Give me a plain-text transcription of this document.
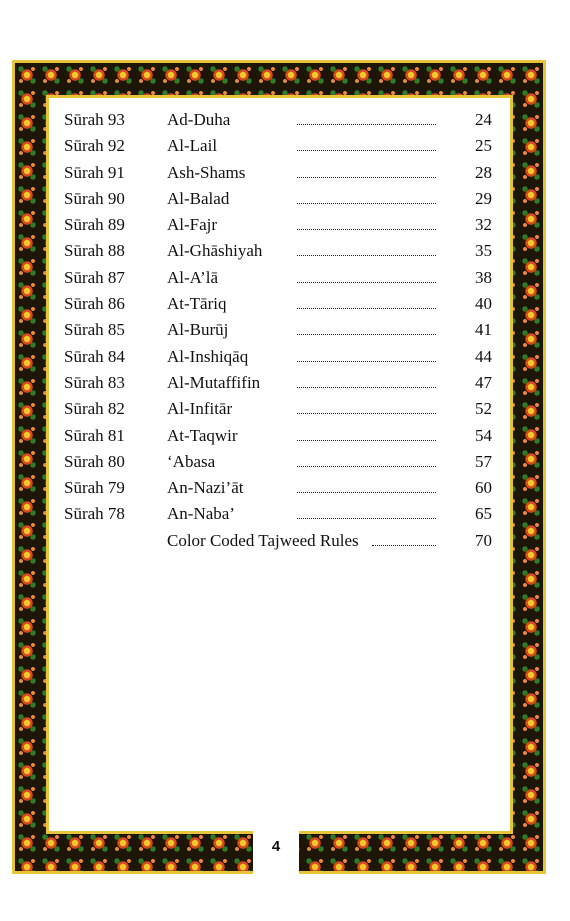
Sūrah 93 Ad-Duha	24
Sūrah 92 Al-Lail	25
Sūrah 91 Ash-Shams	28
Sūrah 90 Al-Balad	29
Sūrah 89 Al-Fajr	32
Sūrah 88 Al-Ghāshiyah	35
Sūrah 87 Al-A’lā	38
Sūrah 86 At-Tāriq	40
Sūrah 85 Al-Burūj	41
Sūrah 84 Al-Inshiqāq	44
Sūrah 83 Al-Mutaffifin	47
Sūrah 82 Al-Infitār	52
Sūrah 81 At-Taqwir	54
Sūrah 80 ‘Abasa	57
Sūrah 79 An-Nazi’āt	60
Sūrah 78 An-Naba’	65
Color Coded Tajweed Rules	70
4
